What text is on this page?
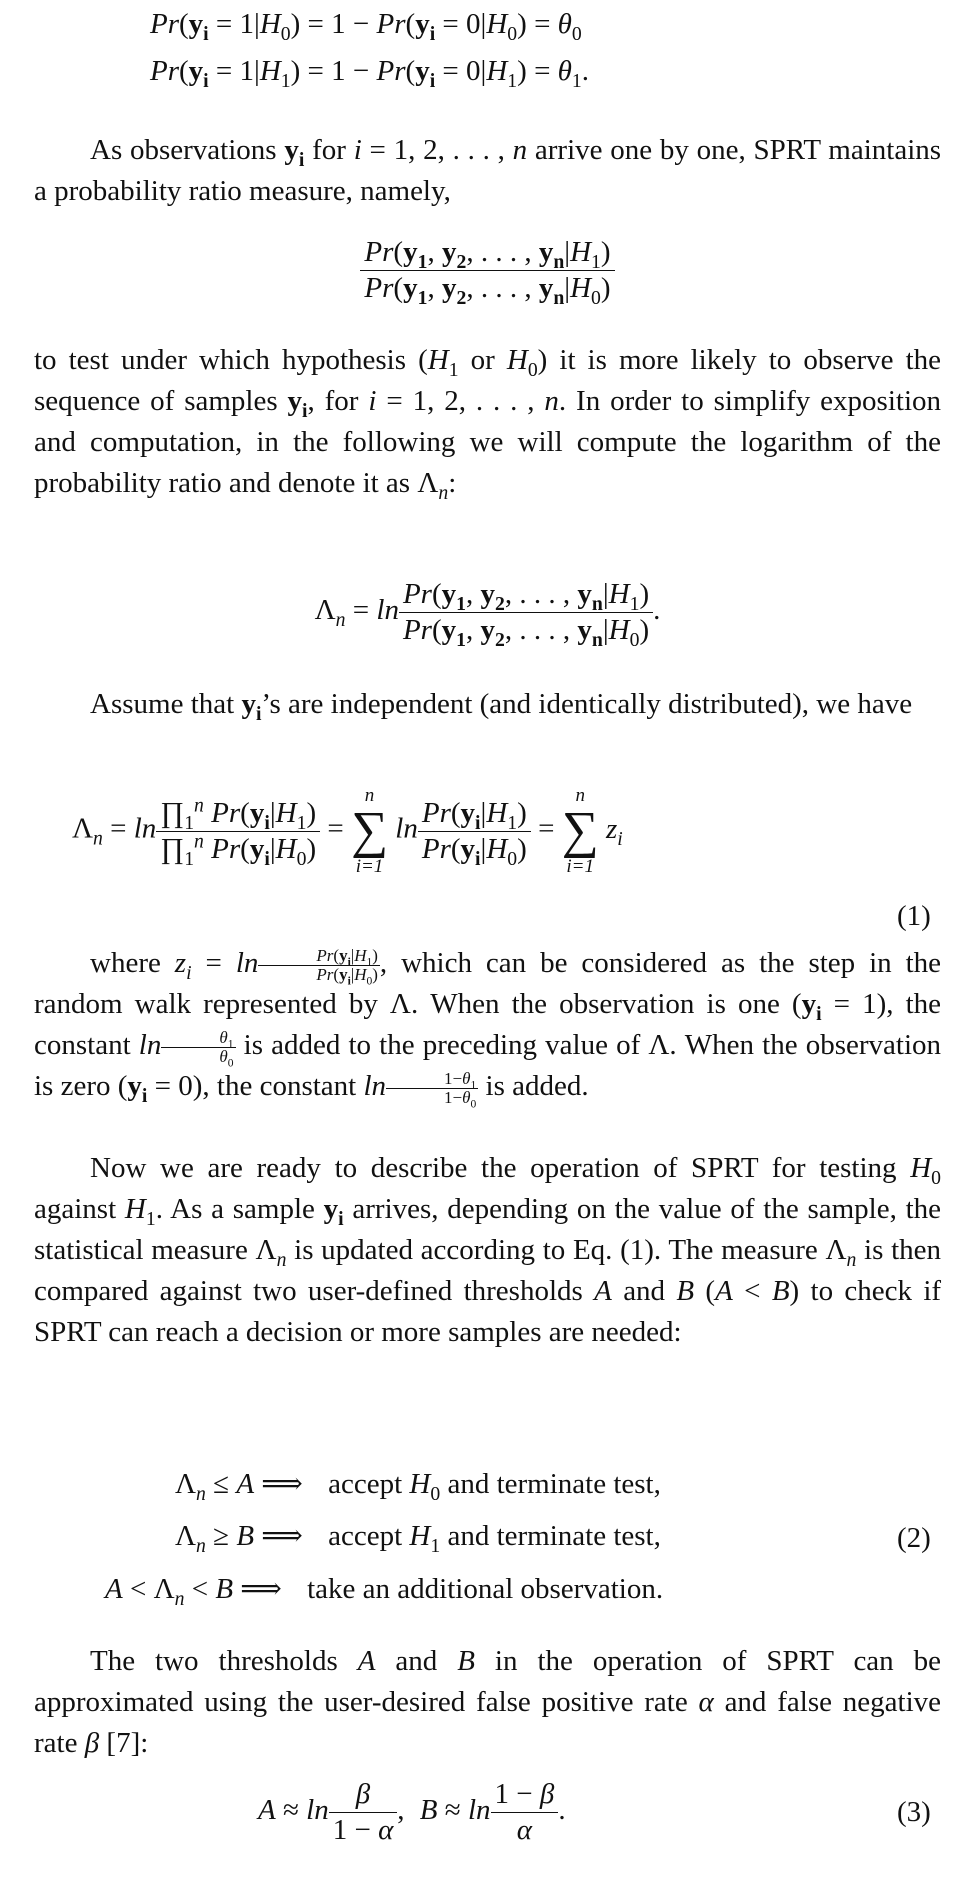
$Pr(y_i = 1|H_0) = 1 - Pr(y_i = 0|H_0) = \theta_0$
$Pr(y_i = 1|H_1) = 1 - Pr(y_i = 0|H_1) = \theta_1$.

As observations $y_i$ for i = 1, 2, . . . , n arrive one by one, SPRT maintains a probability ratio measure, namely,

$\frac{Pr(y_1, y_2, . . . , y_n|H_1)}{Pr(y_1, y_2, . . . , y_n|H_0)}$

to test under which hypothesis ($H_1$ or $H_0$) it is more likely to observe the sequence of samples $y_i$, for i = 1, 2, . . . , n. In order to simplify exposition and computation, in the following we will compute the logarithm of the probability ratio and denote it as $\Lambda_n$:

$\Lambda_n = \ln \frac{Pr(y_1, y_2, . . . , y_n|H_1)}{Pr(y_1, y_2, . . . , y_n|H_0)}$ .

Assume that $y_i’s$ are independent (and identically distributed), we have

$\Lambda_n = \ln \frac{\prod_1^n Pr(y_i|H_1)}{\prod_1^n Pr(y_i|H_0)}$ =
n
∑
i=1
$\ln \frac{Pr(y_i|H_1)}{Pr(y_i|H_0)}$ =
n
∑
i=1
$z_i$
(1)

where $z_i = \ln \frac{Pr(y_i|H_1)}{Pr(y_i|H_0)}$ , which can be considered as the step in the random walk represented by Λ. When the observation is one $(y_i = 1)$, the constant $\ln \frac{\theta_1}{\theta_0}$ is added to the preceding value of Λ. When the observation is zero $(y_i = 0)$, the constant $\ln \frac{1-\theta_1}{1-\theta_0}$ is added.

Now we are ready to describe the operation of SPRT for testing $H_0$ against $H_1$. As a sample $y_i$ arrives, depending on the value of the sample, the statistical measure $\Lambda_n$ is updated according to Eq. (1). The measure $\Lambda_n$ is then compared against two user-defined thresholds A and B (A < B) to check if SPRT can reach a decision or more samples are needed:

$\Lambda_n \le A$ ⟹ accept $H_0$ and terminate test,
$\Lambda_n \ge B$ ⟹ accept $H_1$ and terminate test,	(2)
$A < \Lambda_n < B$ ⟹ take an additional observation.

The two thresholds A and B in the operation of SPRT can be approximated using the user-desired false positive rate α and false negative rate β [7]:

$A \approx \ln \frac{\beta}{1 - \alpha}$ , $B \approx \ln \frac{1 - \beta}{\alpha}$ .	(3)
